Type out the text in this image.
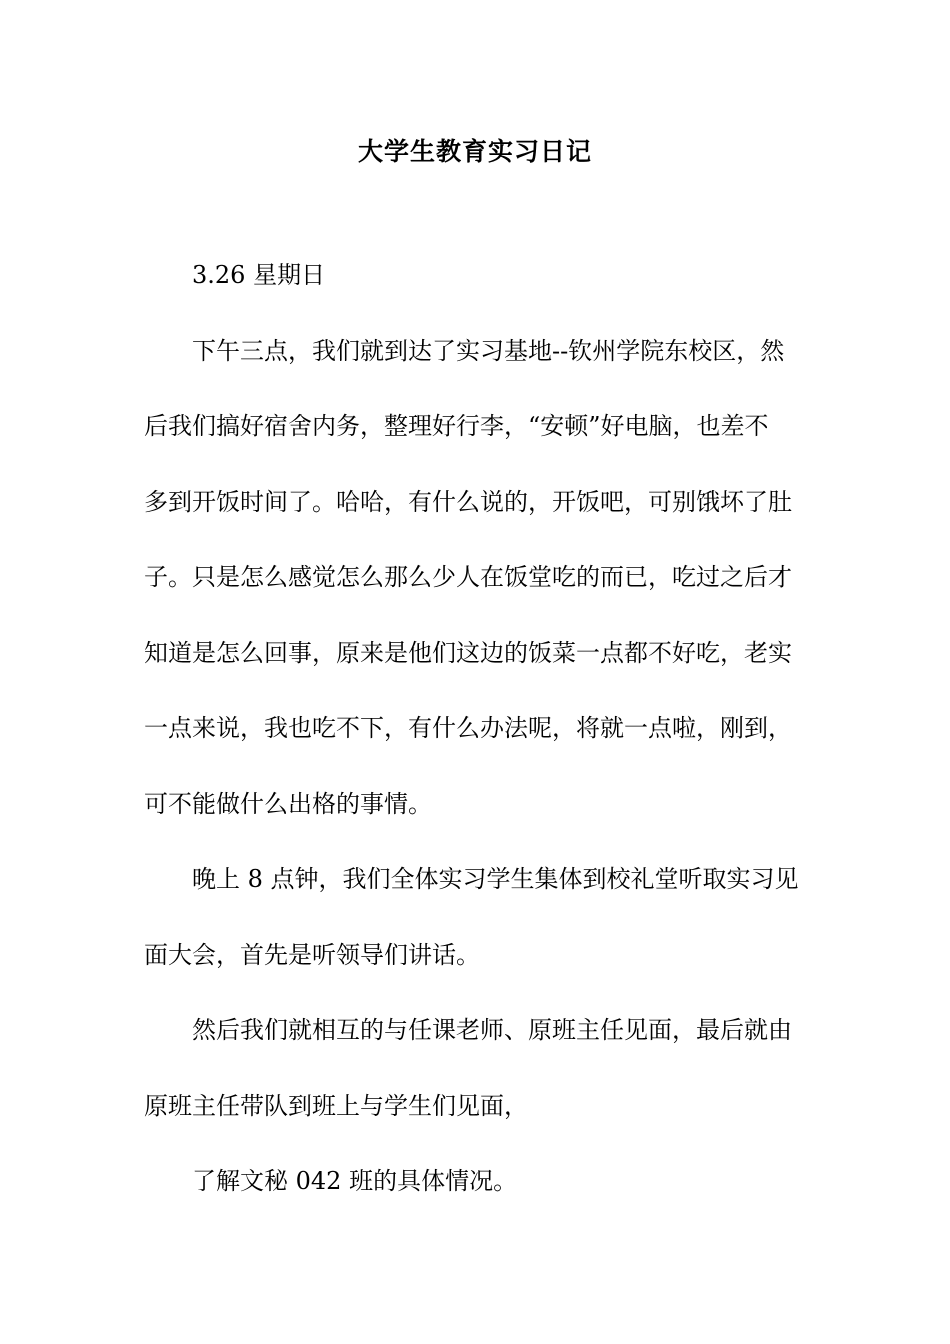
大学生教育实习日记
3.26 星期日
下午三点，我们就到达了实习基地--钦州学院东校区，然
后我们搞好宿舍内务，整理好行李，“安顿”好电脑，也差不
多到开饭时间了。哈哈，有什么说的，开饭吧，可别饿坏了肚
子。只是怎么感觉怎么那么少人在饭堂吃的而已，吃过之后才
知道是怎么回事，原来是他们这边的饭菜一点都不好吃，老实
一点来说，我也吃不下，有什么办法呢，将就一点啦，刚到，
可不能做什么出格的事情。
晚上 8 点钟，我们全体实习学生集体到校礼堂听取实习见
面大会，首先是听领导们讲话。
然后我们就相互的与任课老师、原班主任见面，最后就由
原班主任带队到班上与学生们见面，
了解文秘 042 班的具体情况。
